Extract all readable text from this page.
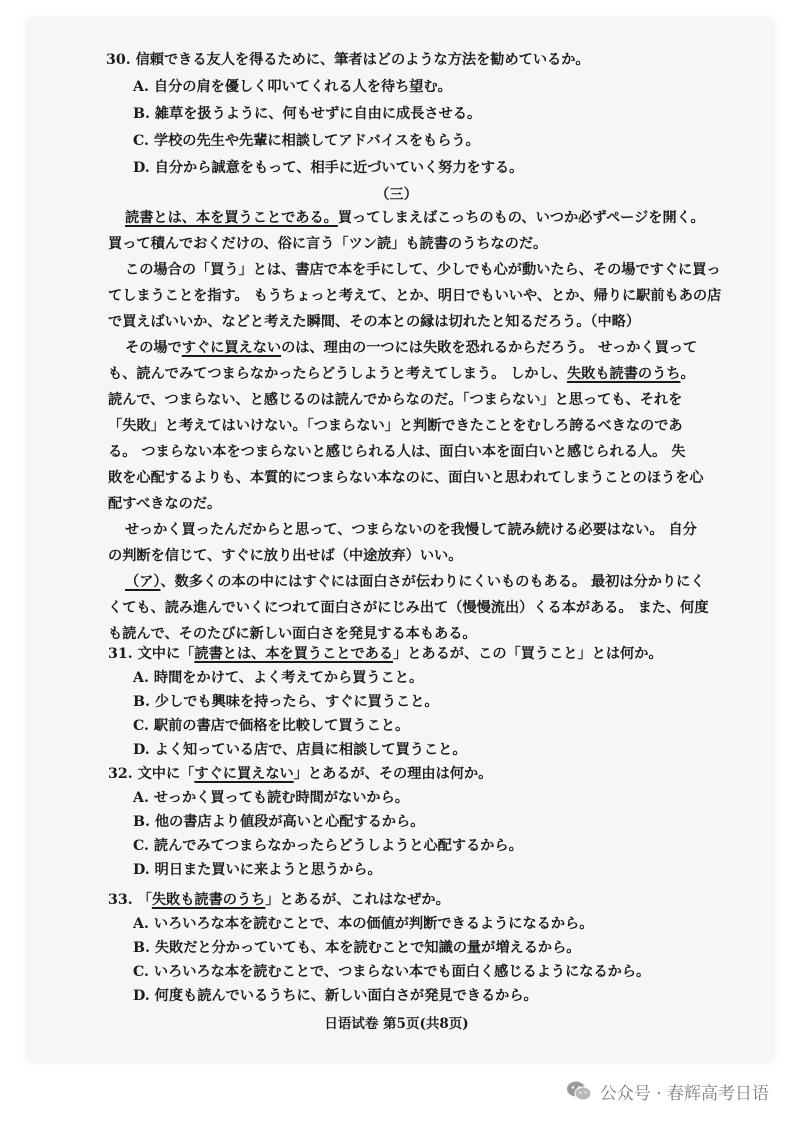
30. 信頼できる友人を得るために、筆者はどのような方法を勧めているか。
A. 自分の肩を優しく叩いてくれる人を待ち望む。
B. 雑草を扱うように、何もせずに自由に成長させる。
C. 学校の先生や先輩に相談してアドバイスをもらう。
D. 自分から誠意をもって、相手に近づいていく努力をする。
（三）
読書とは、本を買うことである。買ってしまえばこっちのもの、いつか必ずページを開く。
買って積んでおくだけの、俗に言う「ツン読」も読書のうちなのだ。
この場合の「買う」とは、書店で本を手にして、少しでも心が動いたら、その場ですぐに買っ
てしまうことを指す。 もうちょっと考えて、とか、明日でもいいや、とか、帰りに駅前もあの店
で買えばいいか、などと考えた瞬間、その本との縁は切れたと知るだろう。（中略）
その場ですぐに買えないのは、理由の一つには失敗を恐れるからだろう。 せっかく買って
も、読んでみてつまらなかったらどうしようと考えてしまう。 しかし、失敗も読書のうち。
読んで、つまらない、と感じるのは読んでからなのだ。「つまらない」と思っても、それを
「失敗」と考えてはいけない。「つまらない」と判断できたことをむしろ誇るべきなのであ
る。 つまらない本をつまらないと感じられる人は、面白い本を面白いと感じられる人。 失
敗を心配するよりも、本質的につまらない本なのに、面白いと思われてしまうことのほうを心
配すべきなのだ。
せっかく買ったんだからと思って、つまらないのを我慢して読み続ける必要はない。 自分
の判断を信じて、すぐに放り出せば（中途放弃）いい。
（ア）、数多くの本の中にはすぐには面白さが伝わりにくいものもある。 最初は分かりにく
くても、読み進んでいくにつれて面白さがにじみ出て（慢慢流出）くる本がある。 また、何度
も読んで、そのたびに新しい面白さを発見する本もある。
31. 文中に「読書とは、本を買うことである」とあるが、この「買うこと」とは何か。
A. 時間をかけて、よく考えてから買うこと。
B. 少しでも興味を持ったら、すぐに買うこと。
C. 駅前の書店で価格を比較して買うこと。
D. よく知っている店で、店員に相談して買うこと。
32. 文中に「すぐに買えない」とあるが、その理由は何か。
A. せっかく買っても読む時間がないから。
B. 他の書店より値段が高いと心配するから。
C. 読んでみてつまらなかったらどうしようと心配するから。
D. 明日また買いに来ようと思うから。
33. 「失敗も読書のうち」とあるが、これはなぜか。
A. いろいろな本を読むことで、本の価値が判断できるようになるから。
B. 失敗だと分かっていても、本を読むことで知識の量が増えるから。
C. いろいろな本を読むことで、つまらない本でも面白く感じるようになるから。
日语试卷 第5页(共8页)
公众号 · 春辉高考日语
D. 何度も読んでいるうちに、新しい面白さが発見できるから。
